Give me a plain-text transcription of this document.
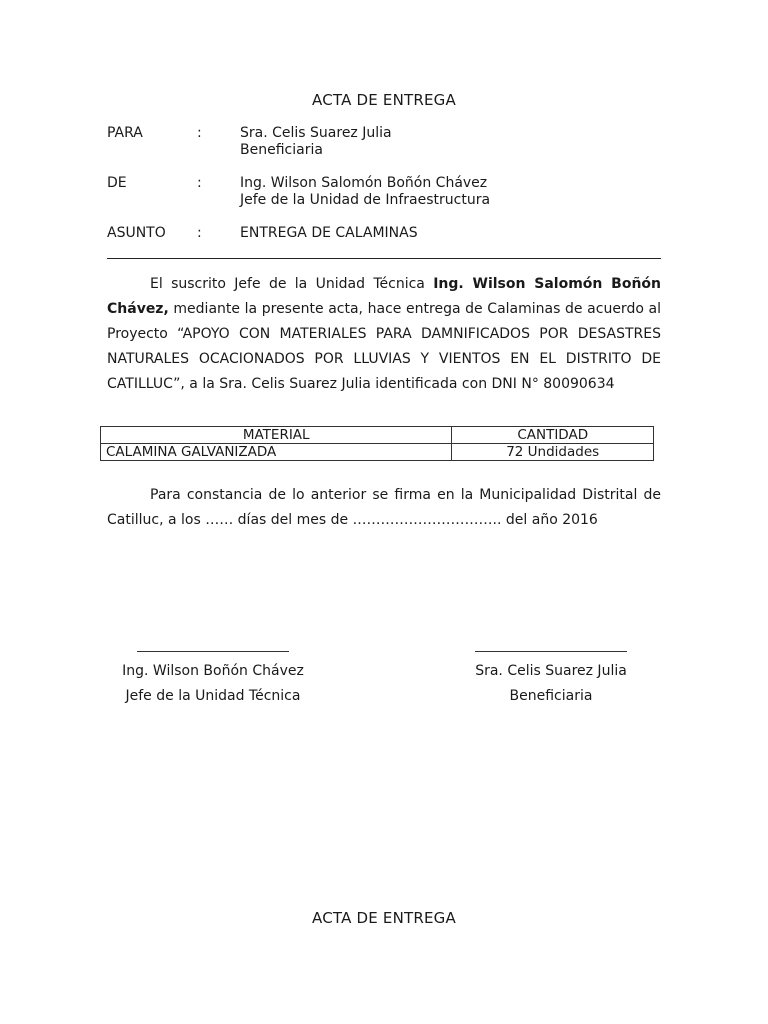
ACTA DE ENTREGA
PARA	:	Sra. Celis Suarez Julia
Beneficiaria
DE	:	Ing. Wilson Salomón Boñón Chávez
Jefe de la Unidad de Infraestructura
ASUNTO :	ENTREGA DE CALAMINAS
El suscrito Jefe de la Unidad Técnica Ing. Wilson Salomón Boñón Chávez, mediante la presente acta, hace entrega de Calaminas de acuerdo al Proyecto “APOYO CON MATERIALES PARA DAMNIFICADOS POR DESASTRES NATURALES OCACIONADOS POR LLUVIAS Y VIENTOS EN EL DISTRITO DE CATILLUC”, a la Sra. Celis Suarez Julia identificada con DNI N° 80090634
MATERIAL	CANTIDAD
CALAMINA GALVANIZADA	72 Undidades
Para constancia de lo anterior se firma en la Municipalidad Distrital de Catilluc, a los …… días del mes de ………………………….. del año 2016
Ing. Wilson Boñón Chávez
Jefe de la Unidad Técnica
Sra. Celis Suarez Julia
Beneficiaria
ACTA DE ENTREGA
